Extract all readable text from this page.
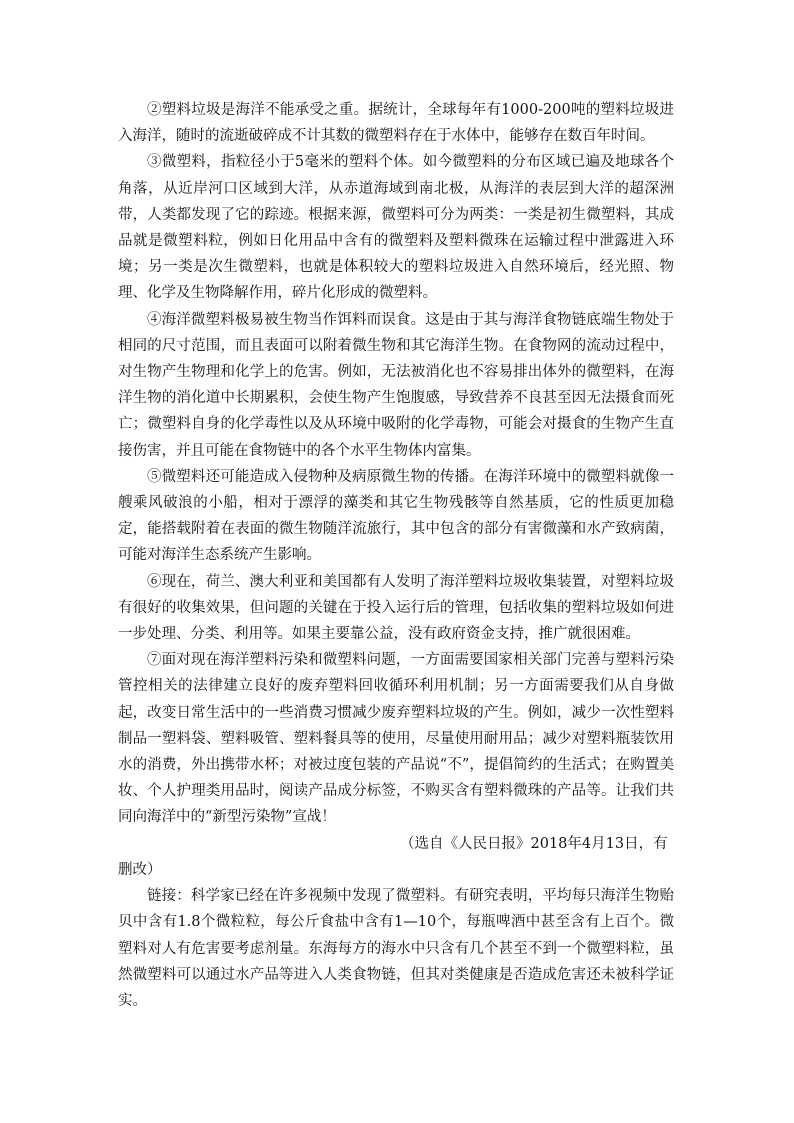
②塑料垃圾是海洋不能承受之重。据统计，全球每年有1000-200吨的塑料垃圾进入海洋，随时的流逝破碎成不计其数的微塑料存在于水体中，能够存在数百年时间。

③微塑料，指粒径小于5毫米的塑料个体。如今微塑料的分布区域已遍及地球各个角落，从近岸河口区域到大洋，从赤道海域到南北极，从海洋的表层到大洋的超深洲带，人类都发现了它的踪迹。根据来源，微塑料可分为两类：一类是初生微塑料，其成品就是微塑料粒，例如日化用品中含有的微塑料及塑料微珠在运输过程中泄露进入环境；另一类是次生微塑料，也就是体积较大的塑料垃圾进入自然环境后，经光照、物理、化学及生物降解作用，碎片化形成的微塑料。

④海洋微塑料极易被生物当作饵料而误食。这是由于其与海洋食物链底端生物处于相同的尺寸范围，而且表面可以附着微生物和其它海洋生物。在食物网的流动过程中，对生物产生物理和化学上的危害。例如，无法被消化也不容易排出体外的微塑料，在海洋生物的消化道中长期累积，会使生物产生饱腹感，导致营养不良甚至因无法摄食而死亡；微塑料自身的化学毒性以及从环境中吸附的化学毒物，可能会对摄食的生物产生直接伤害，并且可能在食物链中的各个水平生物体内富集。

⑤微塑料还可能造成入侵物种及病原微生物的传播。在海洋环境中的微塑料就像一艘乘风破浪的小船，相对于漂浮的藻类和其它生物残骸等自然基质，它的性质更加稳定，能搭载附着在表面的微生物随洋流旅行，其中包含的部分有害微藻和水产致病菌，可能对海洋生态系统产生影响。

⑥现在，荷兰、澳大利亚和美国都有人发明了海洋塑料垃圾收集装置，对塑料垃圾有很好的收集效果，但问题的关键在于投入运行后的管理，包括收集的塑料垃圾如何进一步处理、分类、利用等。如果主要靠公益，没有政府资金支持，推广就很困难。

⑦面对现在海洋塑料污染和微塑料问题，一方面需要国家相关部门完善与塑料污染管控相关的法律建立良好的废弃塑料回收循环利用机制；另一方面需要我们从自身做起，改变日常生活中的一些消费习惯减少废弃塑料垃圾的产生。例如，减少一次性塑料制品一塑料袋、塑料吸管、塑料餐具等的使用，尽量使用耐用品；减少对塑料瓶装饮用水的消费，外出携带水杯；对被过度包装的产品说“不”，提倡简约的生活式；在购置美妆、个人护理类用品时，阅读产品成分标签，不购买含有塑料微珠的产品等。让我们共同向海洋中的“新型污染物”宣战！

（选自《人民日报》2018年4月13日，有删改）

链接：科学家已经在许多视频中发现了微塑料。有研究表明，平均每只海洋生物贻贝中含有1.8个微粒粒，每公斤食盐中含有1—10个，每瓶啤酒中甚至含有上百个。微塑料对人有危害要考虑剂量。东海每方的海水中只含有几个甚至不到一个微塑料粒，虽然微塑料可以通过水产品等进入人类食物链，但其对类健康是否造成危害还未被科学证实。
